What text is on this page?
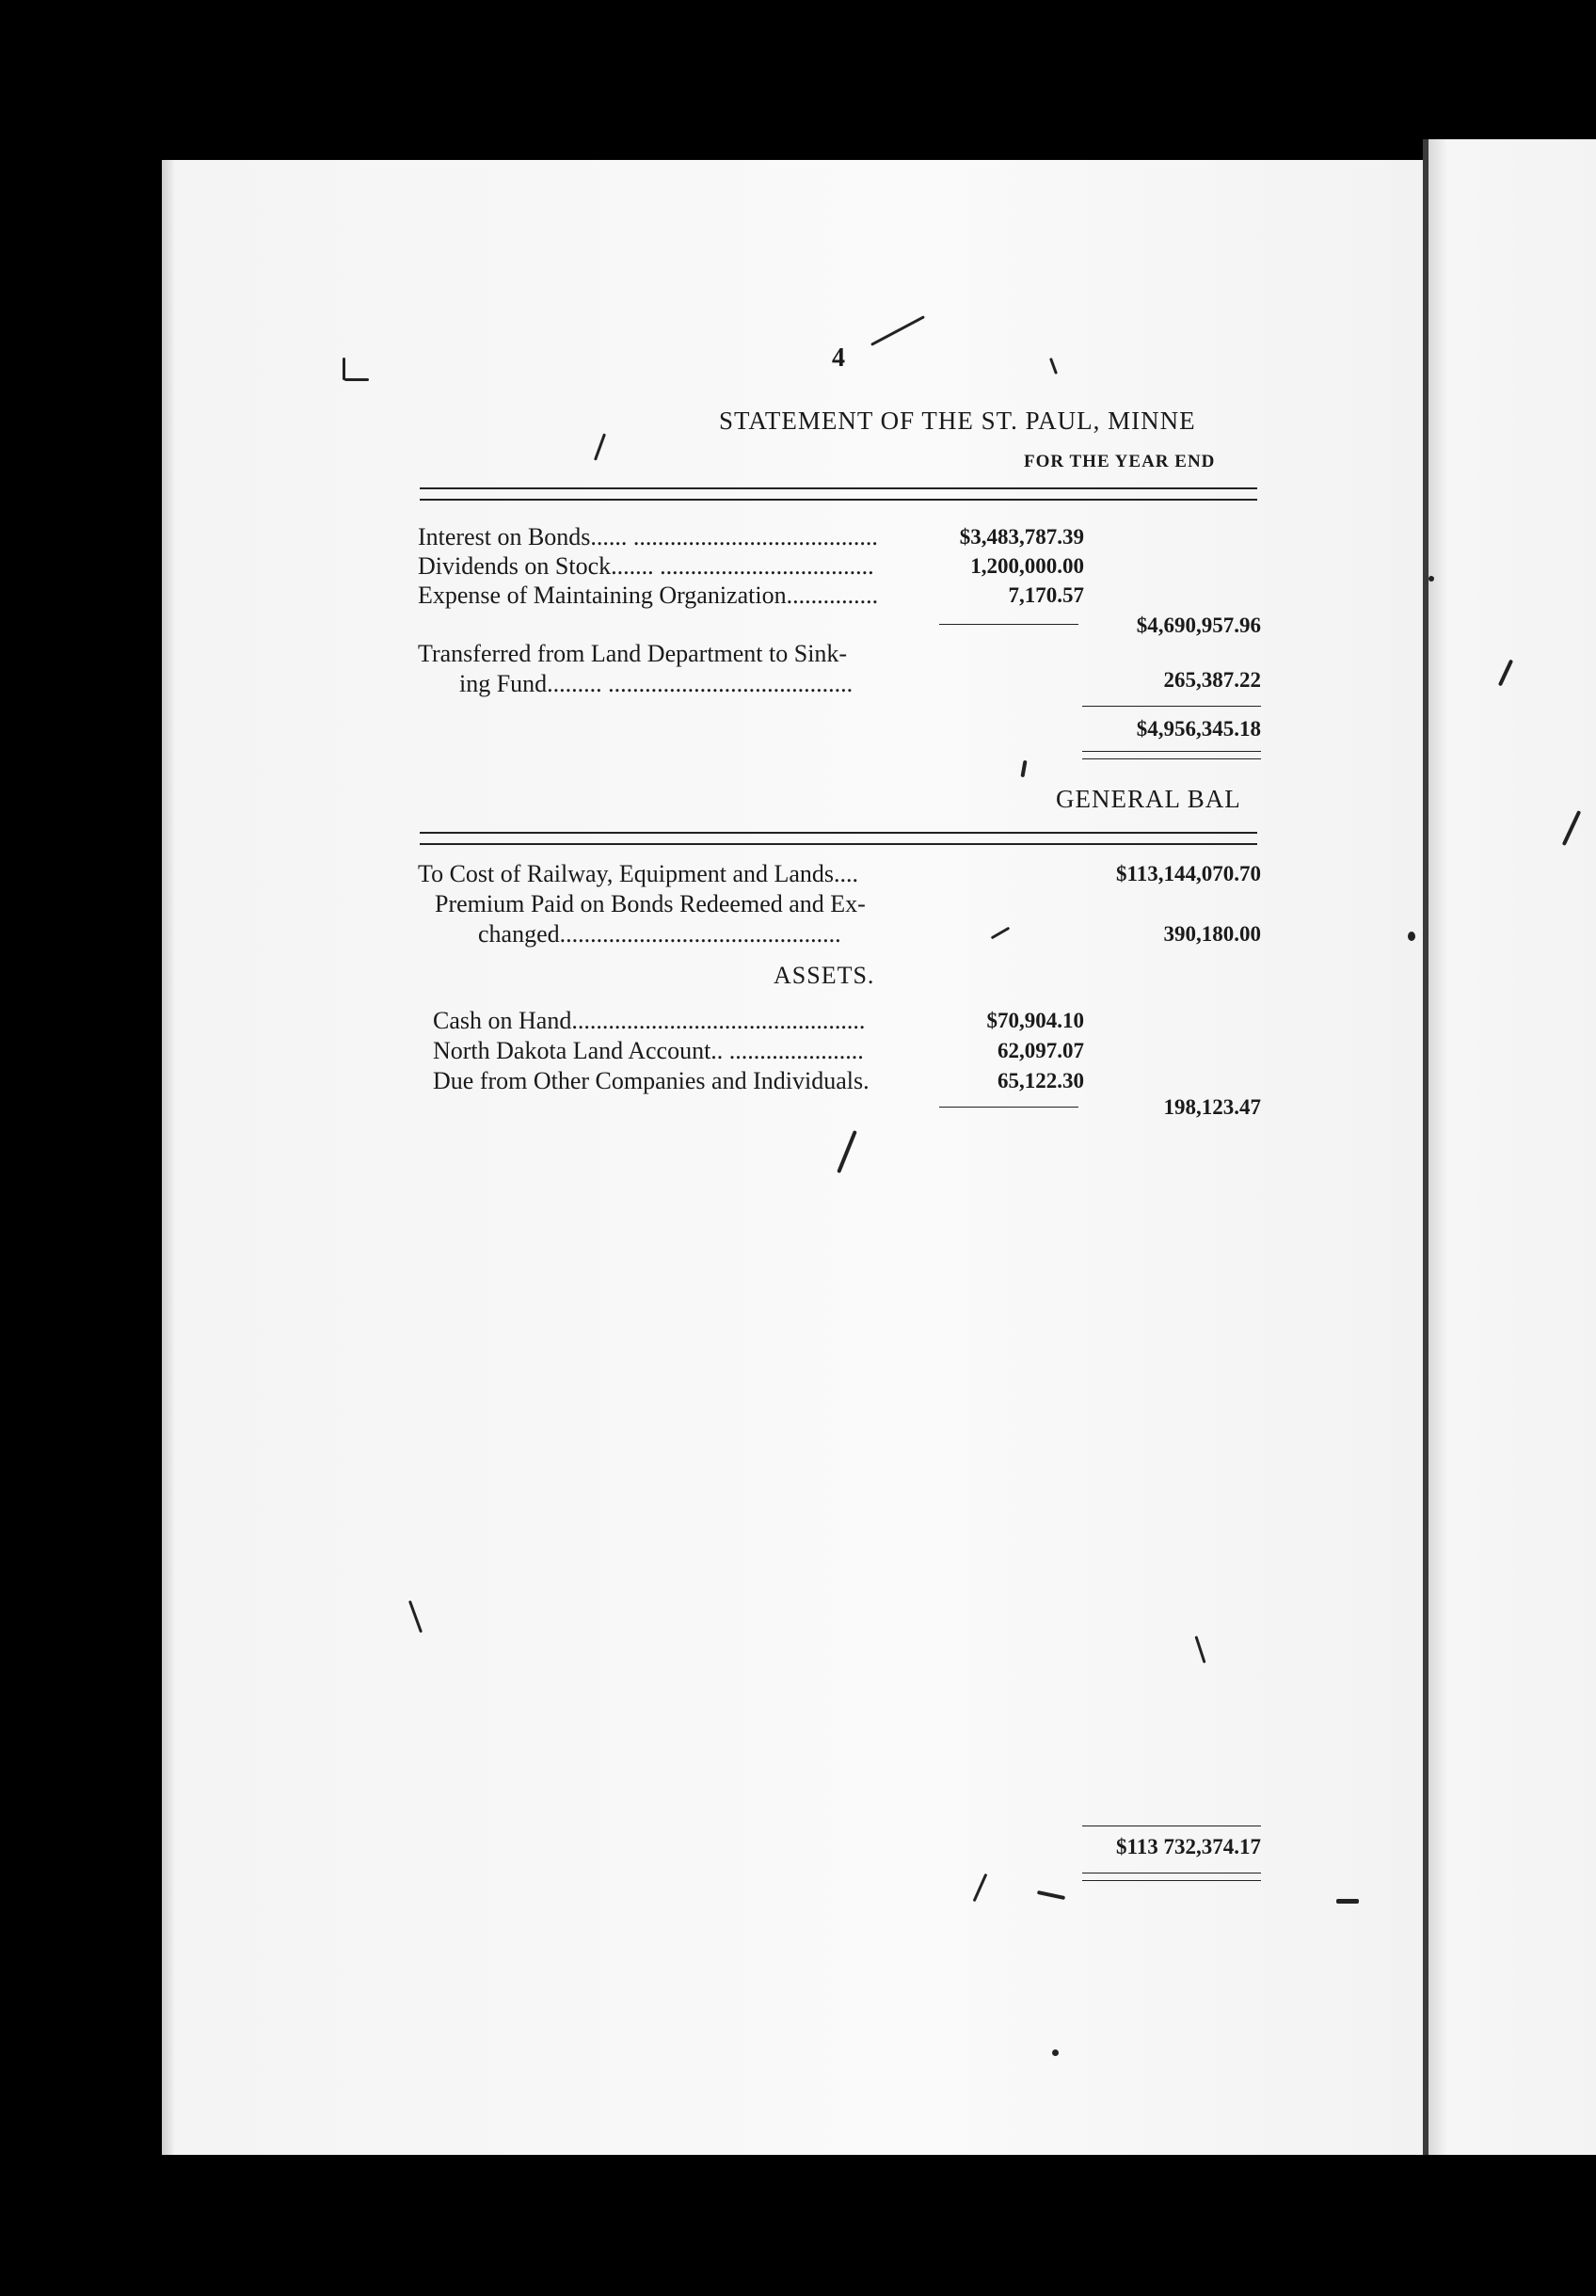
4
STATEMENT OF THE ST. PAUL, MINNE
FOR THE YEAR END
Interest on Bonds...... ........................................	$3,483,787.39
Dividends on Stock....... ...................................	1,200,000.00
Expense of Maintaining Organization...............	7,170.57
$4,690,957.96
Transferred from Land Department to Sink-
ing Fund......... ........................................	265,387.22
$4,956,345.18
GENERAL BAL
To Cost of Railway, Equipment and Lands....	$113,144,070.70
Premium Paid on Bonds Redeemed and Ex-
changed..............................................	390,180.00
ASSETS.
Cash on Hand................................................	$70,904.10
North Dakota Land Account.. ......................	62,097.07
Due from Other Companies and Individuals.	65,122.30
198,123.47
$113 732,374.17
